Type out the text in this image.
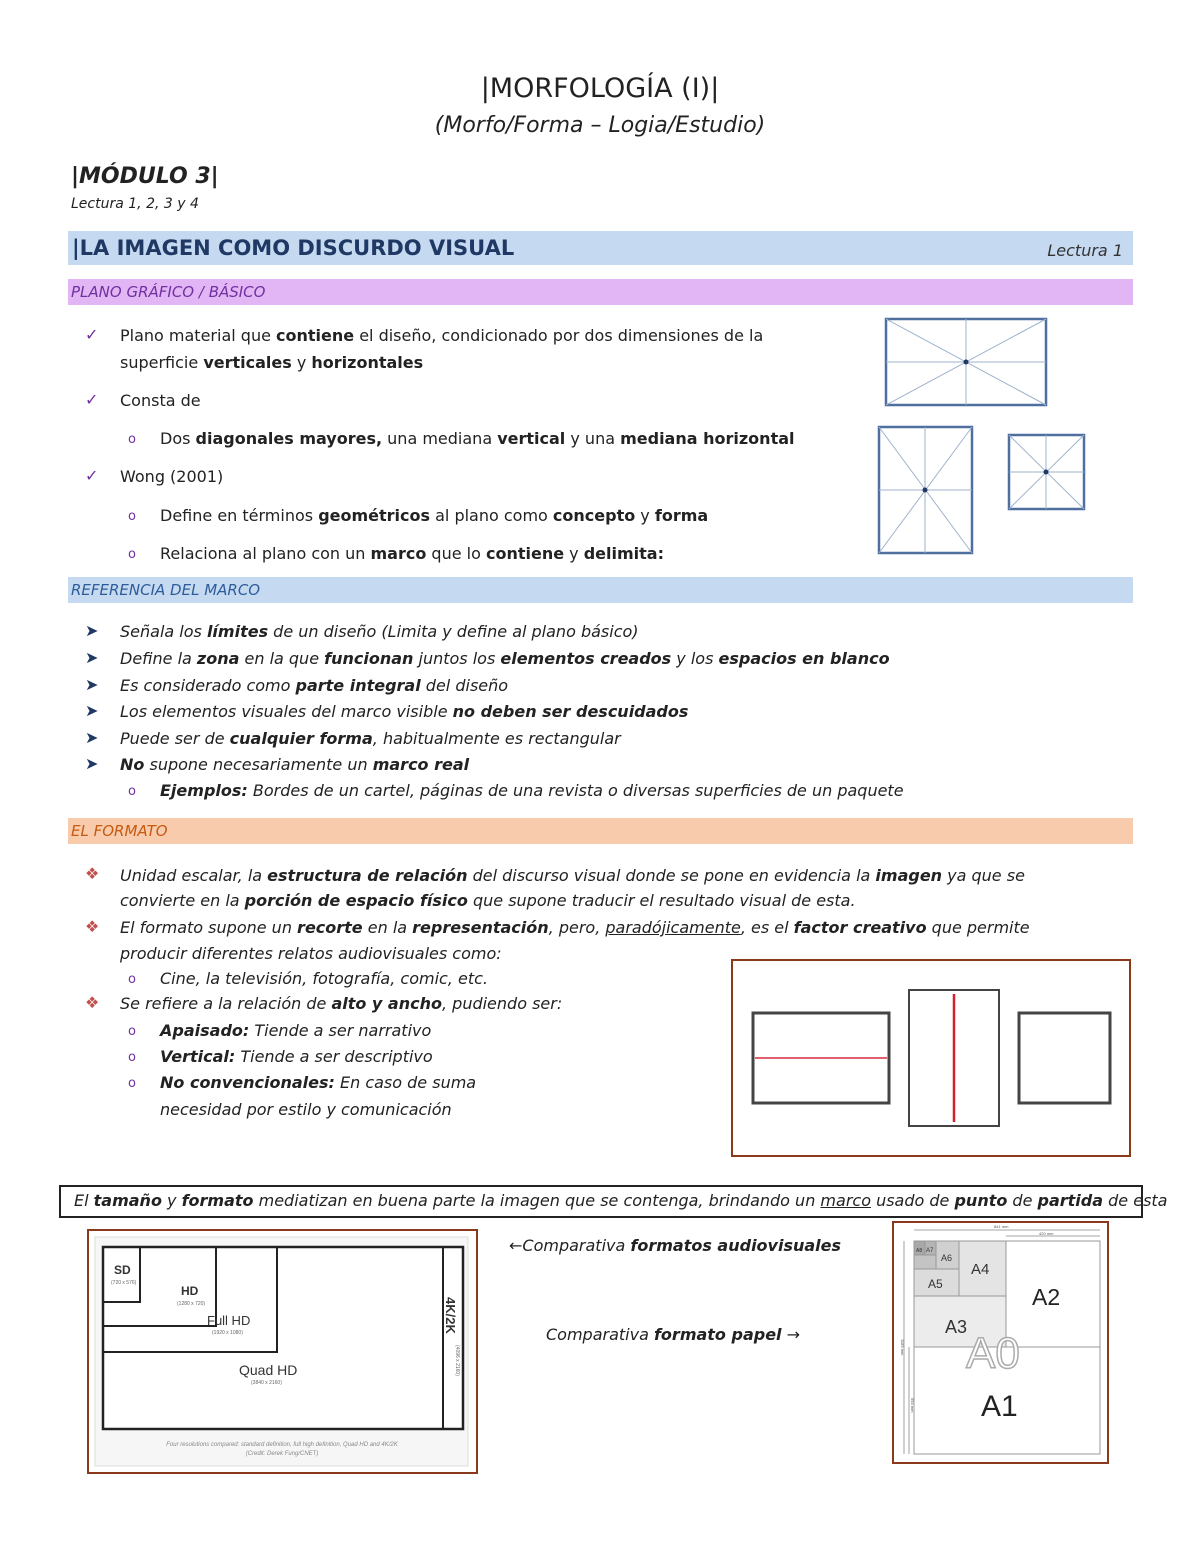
|MORFOLOGÍA (I)|
(Morfo/Forma – Logia/Estudio)
|MÓDULO 3|
Lectura 1, 2, 3 y 4
|LA IMAGEN COMO DISCURDO VISUAL	Lectura 1
PLANO GRÁFICO / BÁSICO
✓ Plano material que contiene el diseño, condicionado por dos dimensiones de la
superficie verticales y horizontales
✓ Consta de
o Dos diagonales mayores, una mediana vertical y una mediana horizontal
✓ Wong (2001)
o Define en términos geométricos al plano como concepto y forma
o Relaciona al plano con un marco que lo contiene y delimita:
REFERENCIA DEL MARCO
➤ Señala los límites de un diseño (Limita y define al plano básico)
➤ Define la zona en la que funcionan juntos los elementos creados y los espacios en blanco
➤ Es considerado como parte integral del diseño
➤ Los elementos visuales del marco visible no deben ser descuidados
➤ Puede ser de cualquier forma, habitualmente es rectangular
➤ No supone necesariamente un marco real
o Ejemplos: Bordes de un cartel, páginas de una revista o diversas superficies de un paquete
EL FORMATO
❖ Unidad escalar, la estructura de relación del discurso visual donde se pone en evidencia la imagen ya que se
convierte en la porción de espacio físico que supone traducir el resultado visual de esta.
❖ El formato supone un recorte en la representación, pero, paradójicamente, es el factor creativo que permite
producir diferentes relatos audiovisuales como:
o Cine, la televisión, fotografía, comic, etc.
❖ Se refiere a la relación de alto y ancho, pudiendo ser:
o Apaisado: Tiende a ser narrativo
o Vertical: Tiende a ser descriptivo
o No convencionales: En caso de suma
necesidad por estilo y comunicación
El tamaño y formato mediatizan en buena parte la imagen que se contenga, brindando un marco usado de punto de partida de esta
←Comparativa formatos audiovisuales
Comparativa formato papel →
SD
(720 x 576)
HD
(1280 x 720)
Full HD
(1920 x 1080)
Quad HD
(3840 x 2160)
4K/2K
(4096 x 2160)
Four resolutions compared: standard definition, full high definition, Quad HD and 4K/2K
(Credit: Derek Fung/CNET)
A8 A7
A6
A5
A4
A3
A2
A0
A1
841 mm
420 mm
1189 mm
594 mm
